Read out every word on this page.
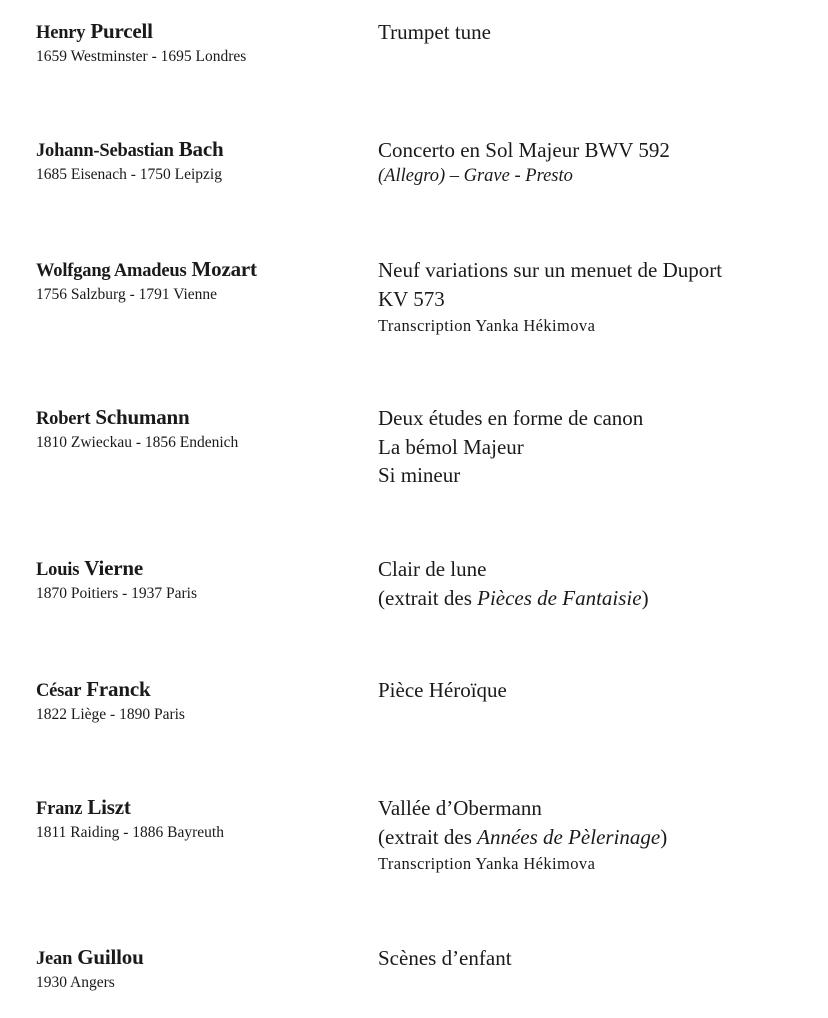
Henry Purcell
1659 Westminster - 1695 Londres
Trumpet tune
Johann-Sebastian Bach
1685 Eisenach - 1750 Leipzig
Concerto en Sol Majeur BWV 592
(Allegro) – Grave - Presto
Wolfgang Amadeus Mozart
1756 Salzburg - 1791 Vienne
Neuf variations sur un menuet de Duport
KV 573
Transcription Yanka Hékimova
Robert Schumann
1810 Zwieckau - 1856 Endenich
Deux études en forme de canon
La bémol Majeur
Si mineur
Louis Vierne
1870 Poitiers - 1937 Paris
Clair de lune
(extrait des Pièces de Fantaisie)
César Franck
1822 Liège - 1890 Paris
Pièce Héroïque
Franz Liszt
1811 Raiding - 1886 Bayreuth
Vallée d’Obermann
(extrait des Années de Pèlerinage)
Transcription Yanka Hékimova
Jean Guillou
1930 Angers
Scènes d’enfant
